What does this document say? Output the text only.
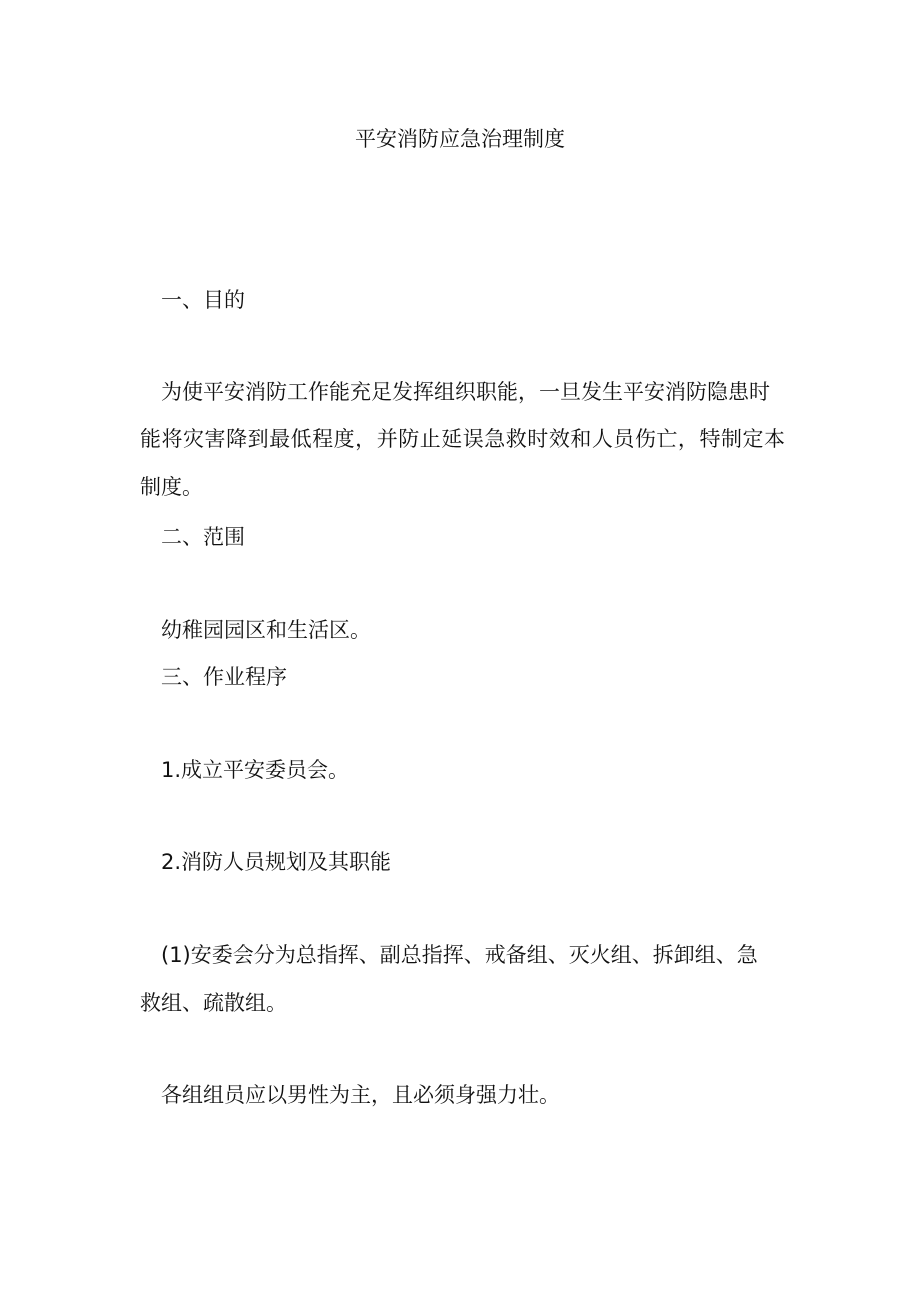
平安消防应急治理制度

一、目的

为使平安消防工作能充足发挥组织职能，一旦发生平安消防隐患时

能将灾害降到最低程度，并防止延误急救时效和人员伤亡，特制定本

制度。

二、范围

幼稚园园区和生活区。

三、作业程序

1.成立平安委员会。

2.消防人员规划及其职能

(1)安委会分为总指挥、副总指挥、戒备组、灭火组、拆卸组、急

救组、疏散组。

各组组员应以男性为主，且必须身强力壮。
